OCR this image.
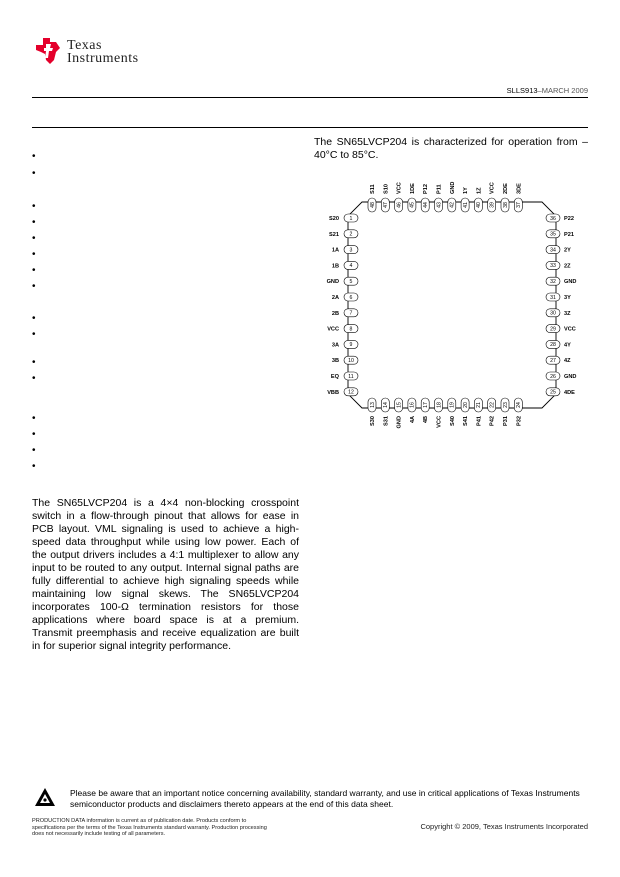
Texas
Instruments
SLLS913–MARCH 2009
•
•
•
•
•
•
•
•
•
•
•
•
•
•
•
•
The SN65LVCP204 is characterized for operation from –40°C to 85°C.
The SN65LVCP204 is a 4×4 non-blocking crosspoint switch in a flow-through pinout that allows for ease in PCB layout. VML signaling is used to achieve a high-speed data throughput while using low power. Each of the output drivers includes a 4:1 multiplexer to allow any input to be routed to any output. Internal signal paths are fully differential to achieve high signaling speeds while maintaining low signal skews. The SN65LVCP204 incorporates 100-Ω termination resistors for those applications where board space is at a premium. Transmit preemphasis and receive equalization are built in for superior signal integrity performance.
1
S20
2
S21
3
1A
4
1B
5
GND
6
2A
7
2B
8
VCC
9
3A
10
3B
11
EQ
12
VBB
36 P22
35 P21
34 2Y
33 2Z
32 GND
31 3Y
30 3Z
29 VCC
28 4Y
27 4Z
26 GND
25 4DE
48
S11
47
S10
46
VCC
45
1DE
44
P12
43
P11
42
GND
41
1Y
40
1Z
39
VCC
38
2DE
37
3DE
13
S30
14
S31
15
GND
16
4A
17
4B
18
VCC
19
S40
20
S41
21
P41
22
P42
23
P31
24
P32
Please be aware that an important notice concerning availability, standard warranty, and use in critical applications of Texas Instruments semiconductor products and disclaimers thereto appears at the end of this data sheet.
PRODUCTION DATA information is current as of publication date. Products conform to specifications per the terms of the Texas Instruments standard warranty. Production processing does not necessarily include testing of all parameters.
Copyright © 2009, Texas Instruments Incorporated
